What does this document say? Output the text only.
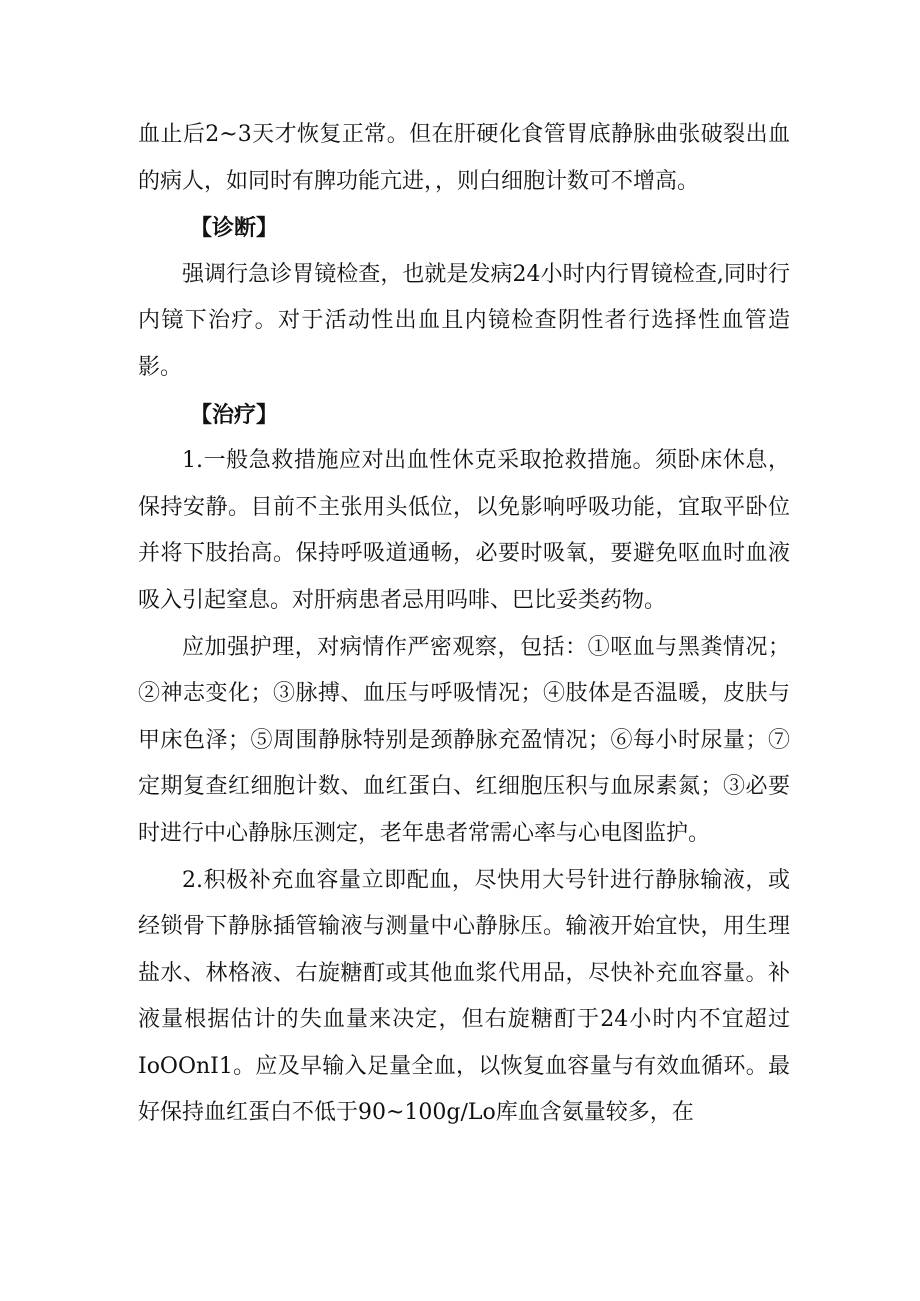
血止后2~3天才恢复正常。但在肝硬化食管胃底静脉曲张破裂出血的病人，如同时有脾功能亢进，，则白细胞计数可不增高。

【诊断】

强调行急诊胃镜检查，也就是发病24小时内行胃镜检查,同时行内镜下治疗。对于活动性出血且内镜检查阴性者行选择性血管造影。

【治疗】

1.一般急救措施应对出血性休克采取抢救措施。须卧床休息，保持安静。目前不主张用头低位，以免影响呼吸功能，宜取平卧位并将下肢抬高。保持呼吸道通畅，必要时吸氧，要避免呕血时血液吸入引起窒息。对肝病患者忌用吗啡、巴比妥类药物。

应加强护理，对病情作严密观察，包括：①呕血与黑粪情况；②神志变化；③脉搏、血压与呼吸情况；④肢体是否温暖，皮肤与甲床色泽；⑤周围静脉特别是颈静脉充盈情况；⑥每小时尿量；⑦定期复查红细胞计数、血红蛋白、红细胞压积与血尿素氮；③必要时进行中心静脉压测定，老年患者常需心率与心电图监护。

2.积极补充血容量立即配血，尽快用大号针进行静脉输液，或经锁骨下静脉插管输液与测量中心静脉压。输液开始宜快，用生理盐水、林格液、右旋糖酊或其他血浆代用品，尽快补充血容量。补液量根据估计的失血量来决定，但右旋糖酊于24小时内不宜超过IoOOnI1。应及早输入足量全血，以恢复血容量与有效血循环。最好保持血红蛋白不低于90~100g∕Lo库血含氨量较多，在
